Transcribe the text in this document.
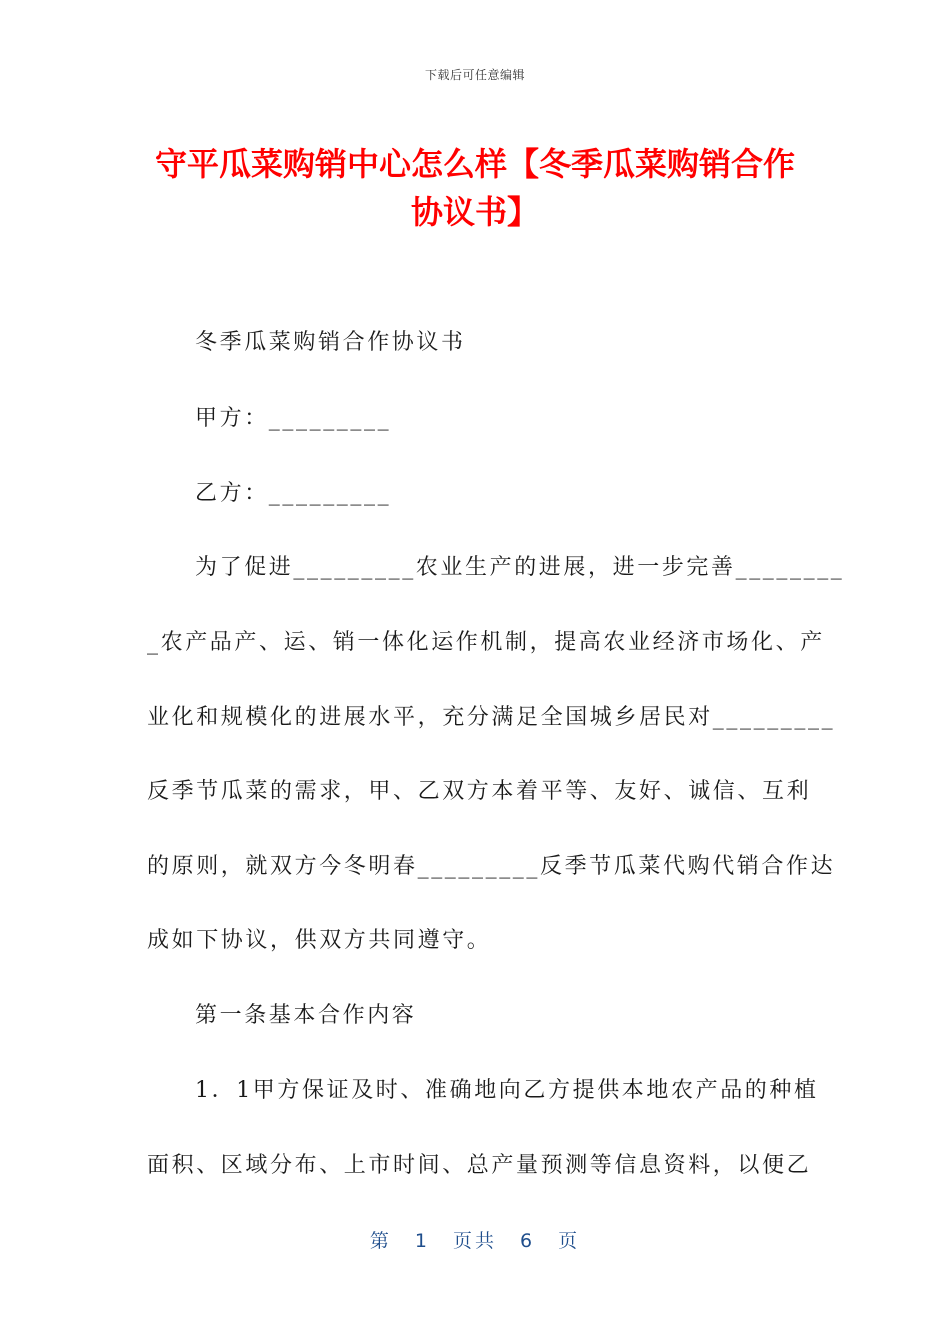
下载后可任意编辑
守平瓜菜购销中心怎么样【冬季瓜菜购销合作协议书】
冬季瓜菜购销合作协议书
甲方：_________
乙方：_________
为了促进_________农业生产的进展，进一步完善________
_农产品产、运、销一体化运作机制，提高农业经济市场化、产
业化和规模化的进展水平，充分满足全国城乡居民对_________
反季节瓜菜的需求，甲、乙双方本着平等、友好、诚信、互利
的原则，就双方今冬明春_________反季节瓜菜代购代销合作达
成如下协议，供双方共同遵守。
第一条基本合作内容
1．1甲方保证及时、准确地向乙方提供本地农产品的种植
面积、区域分布、上市时间、总产量预测等信息资料，以便乙
第 1 页共 6 页
